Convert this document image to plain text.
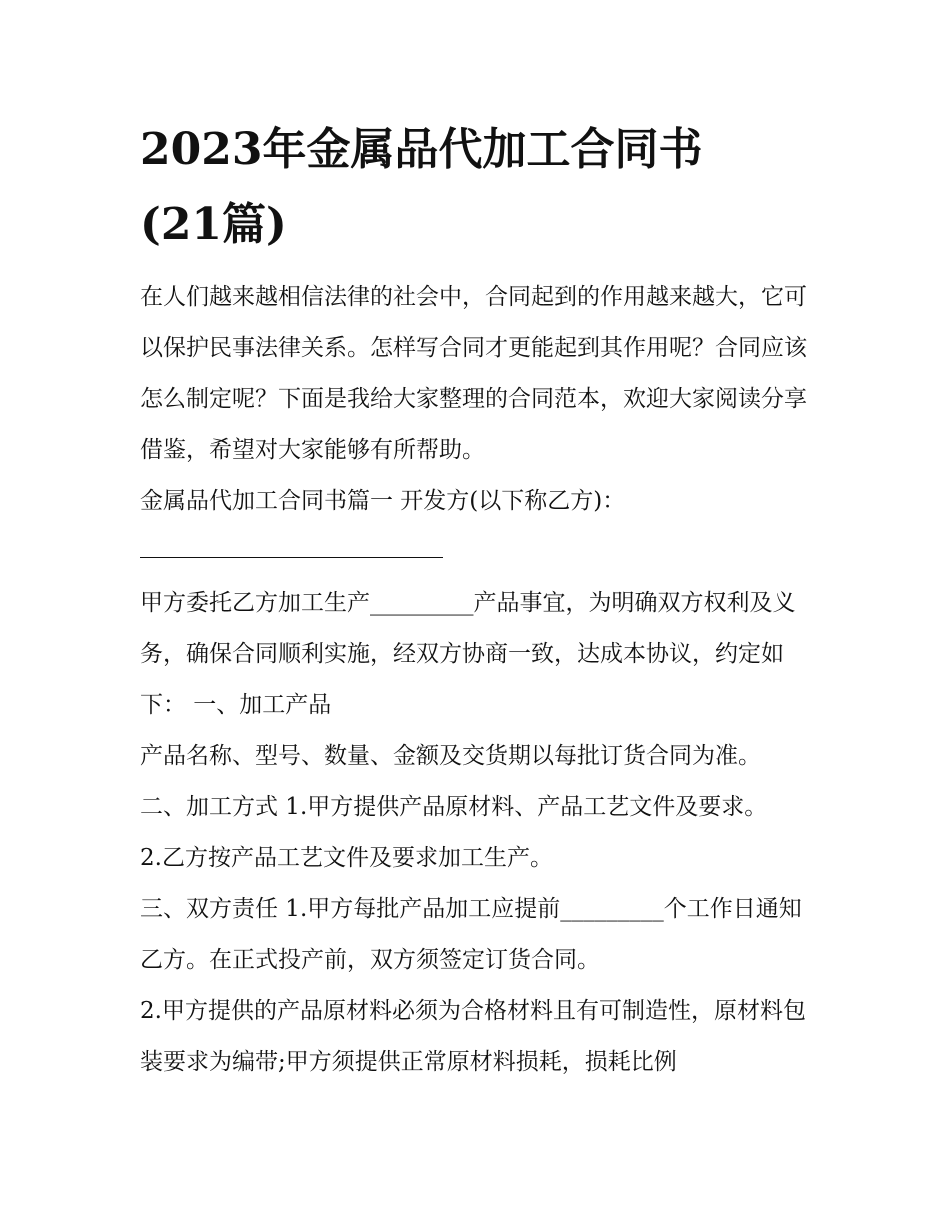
2023年金属品代加工合同书
(21篇)

在人们越来越相信法律的社会中，合同起到的作用越来越大，它可以保护民事法律关系。怎样写合同才更能起到其作用呢？合同应该怎么制定呢？下面是我给大家整理的合同范本，欢迎大家阅读分享借鉴，希望对大家能够有所帮助。

金属品代加工合同书篇一 开发方(以下称乙方)：

甲方委托乙方加工生产_________产品事宜，为明确双方权利及义务，确保合同顺利实施，经双方协商一致，达成本协议，约定如下： 一、加工产品

产品名称、型号、数量、金额及交货期以每批订货合同为准。

二、加工方式 1.甲方提供产品原材料、产品工艺文件及要求。

2.乙方按产品工艺文件及要求加工生产。

三、双方责任 1.甲方每批产品加工应提前_________个工作日通知乙方。在正式投产前，双方须签定订货合同。

2.甲方提供的产品原材料必须为合格材料且有可制造性，原材料包装要求为编带;甲方须提供正常原材料损耗，损耗比例
